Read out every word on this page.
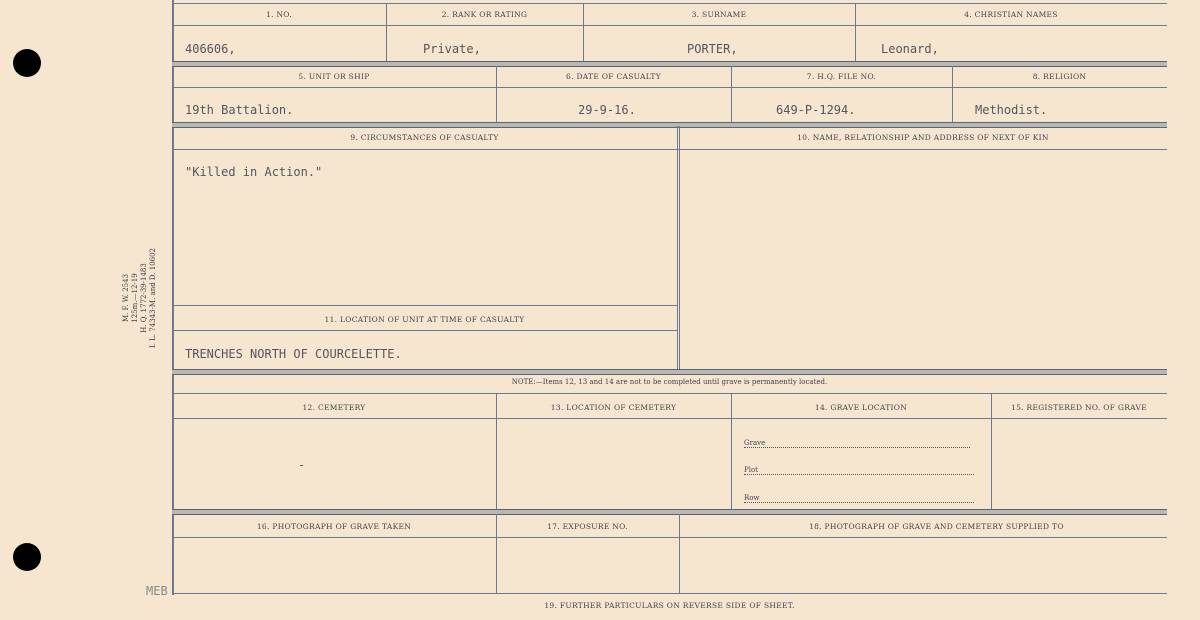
M. F. W. 2543 125m.—12-19 H. Q. 1772-39-1483 I. L. 74343-M. and D. 10602
1. NO.	2. RANK OR RATING	3. SURNAME	4. CHRISTIAN NAMES
406606,	Private,	PORTER,	Leonard,
5. UNIT OR SHIP	6. DATE OF CASUALTY	7. H.Q. FILE NO.	8. RELIGION
19th Battalion.	29-9-16.	649-P-1294.	Methodist.
9. CIRCUMSTANCES OF CASUALTY	10. NAME, RELATIONSHIP AND ADDRESS OF NEXT OF KIN
"Killed in Action."
11. LOCATION OF UNIT AT TIME OF CASUALTY
TRENCHES NORTH OF COURCELETTE.
NOTE:—Items 12, 13 and 14 are not to be completed until grave is permanently located.
12. CEMETERY	13. LOCATION OF CEMETERY	14. GRAVE LOCATION	15. REGISTERED NO. OF GRAVE
-
Grave
Plot
Row
16. PHOTOGRAPH OF GRAVE TAKEN	17. EXPOSURE NO.	18. PHOTOGRAPH OF GRAVE AND CEMETERY SUPPLIED TO
MEB
19. FURTHER PARTICULARS ON REVERSE SIDE OF SHEET.
